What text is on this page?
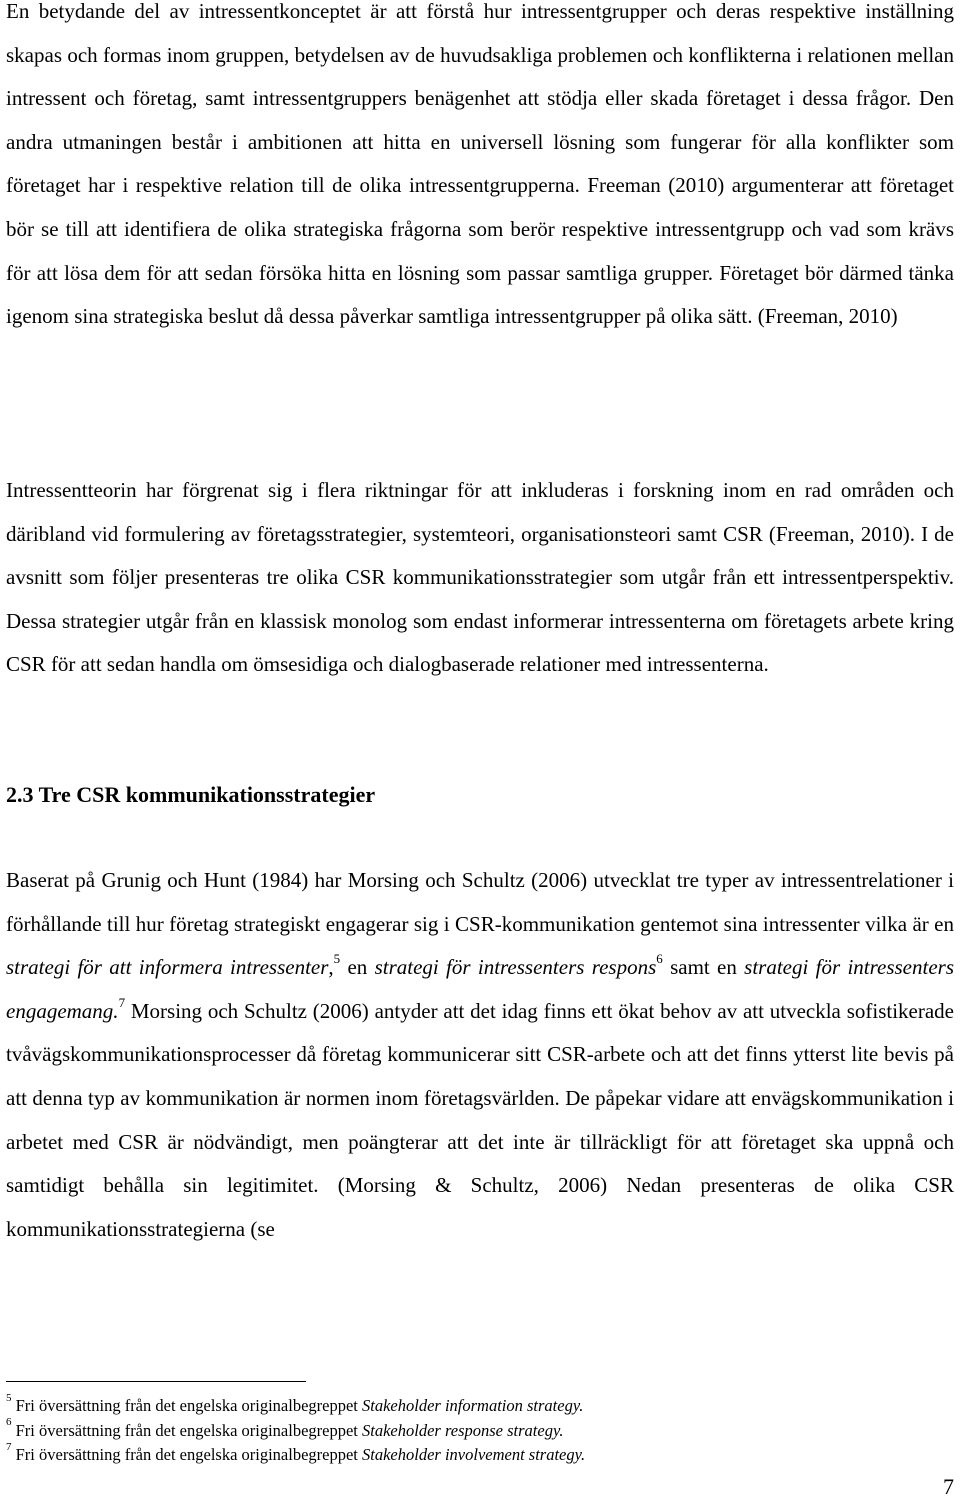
En betydande del av intressentkonceptet är att förstå hur intressentgrupper och deras respektive inställning skapas och formas inom gruppen, betydelsen av de huvudsakliga problemen och konflikterna i relationen mellan intressent och företag, samt intressentgruppers benägenhet att stödja eller skada företaget i dessa frågor. Den andra utmaningen består i ambitionen att hitta en universell lösning som fungerar för alla konflikter som företaget har i respektive relation till de olika intressentgrupperna. Freeman (2010) argumenterar att företaget bör se till att identifiera de olika strategiska frågorna som berör respektive intressentgrupp och vad som krävs för att lösa dem för att sedan försöka hitta en lösning som passar samtliga grupper. Företaget bör därmed tänka igenom sina strategiska beslut då dessa påverkar samtliga intressentgrupper på olika sätt. (Freeman, 2010)

Intressentteorin har förgrenat sig i flera riktningar för att inkluderas i forskning inom en rad områden och däribland vid formulering av företagsstrategier, systemteori, organisationsteori samt CSR (Freeman, 2010). I de avsnitt som följer presenteras tre olika CSR kommunikationsstrategier som utgår från ett intressentperspektiv. Dessa strategier utgår från en klassisk monolog som endast informerar intressenterna om företagets arbete kring CSR för att sedan handla om ömsesidiga och dialogbaserade relationer med intressenterna.

2.3 Tre CSR kommunikationsstrategier

Baserat på Grunig och Hunt (1984) har Morsing och Schultz (2006) utvecklat tre typer av intressentrelationer i förhållande till hur företag strategiskt engagerar sig i CSR-kommunikation gentemot sina intressenter vilka är en strategi för att informera intressenter,$^5$ en strategi för intressenters respons$^6$ samt en strategi för intressenters engagemang.$^7$ Morsing och Schultz (2006) antyder att det idag finns ett ökat behov av att utveckla sofistikerade tvåvägskommunikationsprocesser då företag kommunicerar sitt CSR-arbete och att det finns ytterst lite bevis på att denna typ av kommunikation är normen inom företagsvärlden. De påpekar vidare att envägskommunikation i arbetet med CSR är nödvändigt, men poängterar att det inte är tillräckligt för att företaget ska uppnå och samtidigt behålla sin legitimitet. (Morsing & Schultz, 2006) Nedan presenteras de olika CSR kommunikationsstrategierna (se

$^5$ Fri översättning från det engelska originalbegreppet Stakeholder information strategy.

$^6$ Fri översättning från det engelska originalbegreppet Stakeholder response strategy.

$^7$ Fri översättning från det engelska originalbegreppet Stakeholder involvement strategy.

7
